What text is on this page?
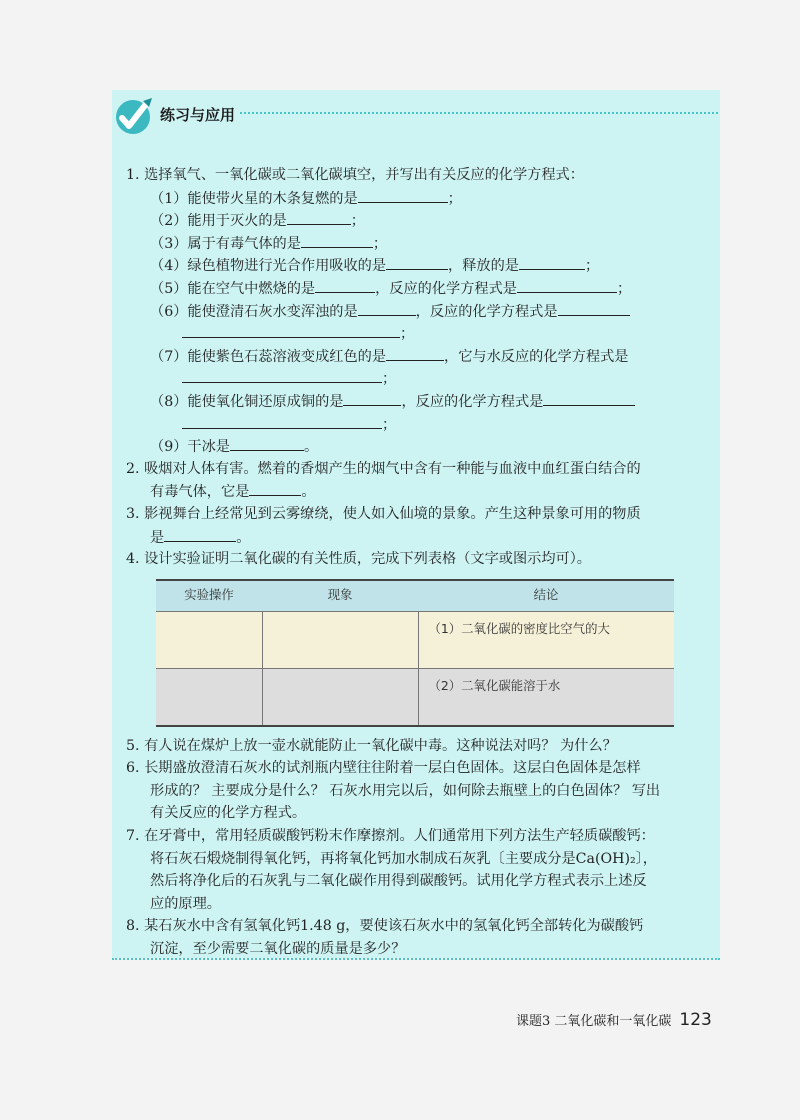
练习与应用
1. 选择氧气、一氧化碳或二氧化碳填空，并写出有关反应的化学方程式：
（1）能使带火星的木条复燃的是	；
（2）能用于灭火的是	；
（3）属于有毒气体的是	；
（4）绿色植物进行光合作用吸收的是	，释放的是	；
（5）能在空气中燃烧的是	，反应的化学方程式是	；
（6）能使澄清石灰水变浑浊的是	，反应的化学方程式是
；
（7）能使紫色石蕊溶液变成红色的是	，它与水反应的化学方程式是
；
（8）能使氧化铜还原成铜的是	，反应的化学方程式是
；
（9）干冰是	。
2. 吸烟对人体有害。燃着的香烟产生的烟气中含有一种能与血液中血红蛋白结合的
有毒气体，它是	。
3. 影视舞台上经常见到云雾缭绕，使人如入仙境的景象。产生这种景象可用的物质
是	。
4. 设计实验证明二氧化碳的有关性质，完成下列表格（文字或图示均可）。
实验操作	现象	结论
		（1）二氧化碳的密度比空气的大
		（2）二氧化碳能溶于水
5. 有人说在煤炉上放一壶水就能防止一氧化碳中毒。这种说法对吗？ 为什么？
6. 长期盛放澄清石灰水的试剂瓶内壁往往附着一层白色固体。这层白色固体是怎样
形成的？ 主要成分是什么？ 石灰水用完以后，如何除去瓶壁上的白色固体？ 写出
有关反应的化学方程式。
7. 在牙膏中，常用轻质碳酸钙粉末作摩擦剂。人们通常用下列方法生产轻质碳酸钙：
将石灰石煅烧制得氧化钙，再将氧化钙加水制成石灰乳〔主要成分是Ca(OH)₂〕，
然后将净化后的石灰乳与二氧化碳作用得到碳酸钙。试用化学方程式表示上述反
应的原理。
8. 某石灰水中含有氢氧化钙1.48 g，要使该石灰水中的氢氧化钙全部转化为碳酸钙
沉淀，至少需要二氧化碳的质量是多少？
课题3 二氧化碳和一氧化碳 123
